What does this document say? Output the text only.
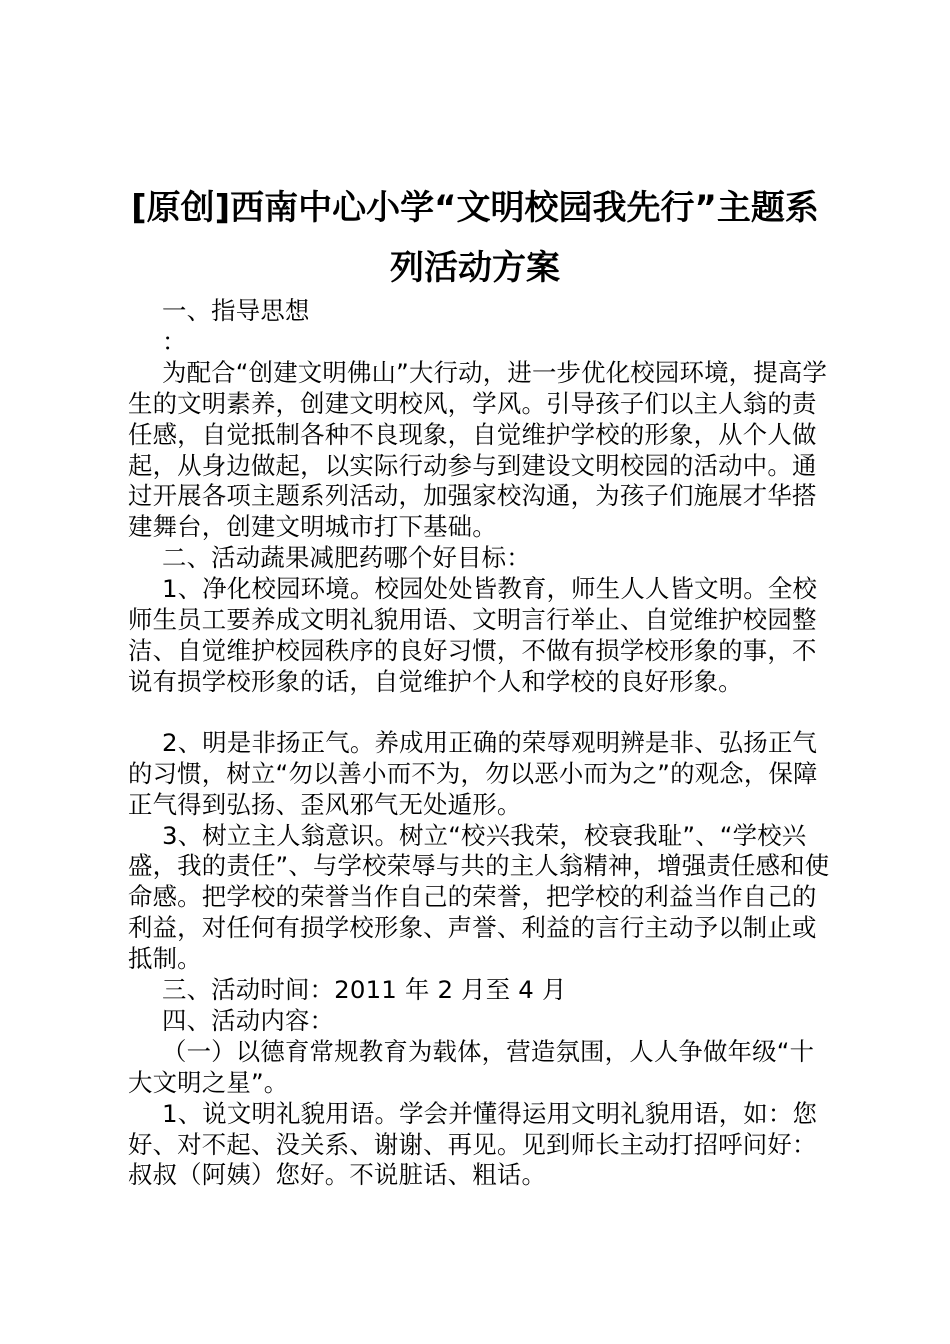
[原创]西南中心小学“文明校园我先行”主题系
列活动方案

一、指导思想

：

为配合“创建文明佛山”大行动，进一步优化校园环境，提高学生的文明素养，创建文明校风，学风。引导孩子们以主人翁的责任感，自觉抵制各种不良现象，自觉维护学校的形象，从个人做起，从身边做起，以实际行动参与到建设文明校园的活动中。通过开展各项主题系列活动，加强家校沟通，为孩子们施展才华搭建舞台，创建文明城市打下基础。

二、活动蔬果减肥药哪个好目标：

1、净化校园环境。校园处处皆教育，师生人人皆文明。全校师生员工要养成文明礼貌用语、文明言行举止、自觉维护校园整洁、自觉维护校园秩序的良好习惯，不做有损学校形象的事，不说有损学校形象的话，自觉维护个人和学校的良好形象。

2、明是非扬正气。养成用正确的荣辱观明辨是非、弘扬正气的习惯，树立“勿以善小而不为，勿以恶小而为之”的观念，保障正气得到弘扬、歪风邪气无处遁形。

3、树立主人翁意识。树立“校兴我荣，校衰我耻”、“学校兴盛，我的责任”、与学校荣辱与共的主人翁精神，增强责任感和使命感。把学校的荣誉当作自己的荣誉，把学校的利益当作自己的利益，对任何有损学校形象、声誉、利益的言行主动予以制止或抵制。

三、活动时间：2011 年 2 月至 4 月

四、活动内容：

（一）以德育常规教育为载体，营造氛围，人人争做年级“十大文明之星”。

1、说文明礼貌用语。学会并懂得运用文明礼貌用语，如：您好、对不起、没关系、谢谢、再见。见到师长主动打招呼问好：叔叔（阿姨）您好。不说脏话、粗话。
